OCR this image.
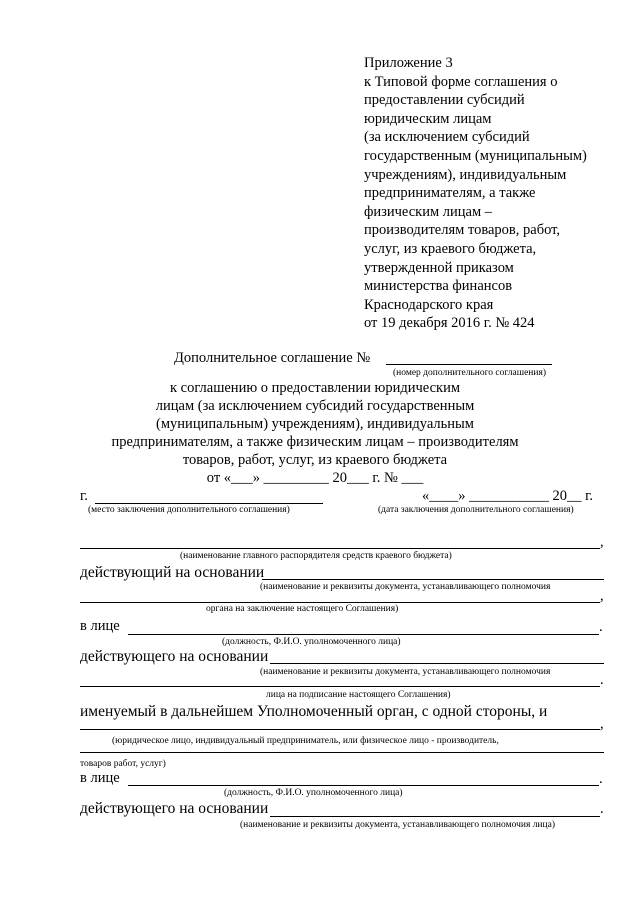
Приложение 3
к Типовой форме соглашения о
предоставлении субсидий
юридическим лицам
(за исключением субсидий
государственным (муниципальным)
учреждениям), индивидуальным
предпринимателям, а также
физическим лицам –
производителям товаров, работ,
услуг, из краевого бюджета,
утвержденной приказом
министерства финансов
Краснодарского края
от 19 декабря 2016 г. № 424
Дополнительное соглашение №
(номер дополнительного соглашения)
к соглашению о предоставлении юридическим
лицам (за исключением субсидий государственным
(муниципальным) учреждениям), индивидуальным
предпринимателям, а также физическим лицам – производителям
товаров, работ, услуг, из краевого бюджета
от «___» _________ 20___ г. № ___
г.
(место заключения дополнительного соглашения)
«____» ___________ 20__ г.
(дата заключения дополнительного соглашения)
,
(наименование главного распорядителя средств краевого бюджета)
действующий на основании
(наименование и реквизиты документа, устанавливающего полномочия
,
органа на заключение настоящего Соглашения)
в лице	.
(должность, Ф.И.О. уполномоченного лица)
действующего на основании
(наименование и реквизиты документа, устанавливающего полномочия	.
лица на подписание настоящего Соглашения)
именуемый в дальнейшем Уполномоченный орган, с одной стороны, и
,
(юридическое лицо, индивидуальный предприниматель, или физическое лицо - производитель,
товаров работ, услуг)
в лице	.
(должность, Ф.И.О. уполномоченного лица)
действующего на основании	.
(наименование и реквизиты документа, устанавливающего полномочия лица)
